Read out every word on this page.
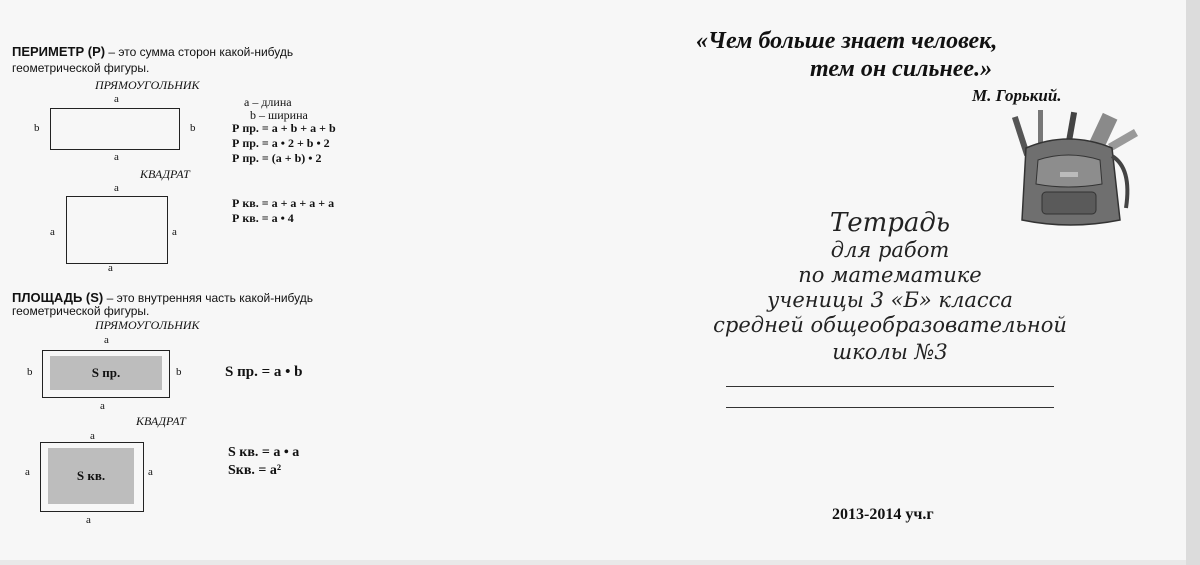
ПЕРИМЕТР (Р) – это сумма сторон какой-нибудь
геометрической фигуры.
ПРЯМОУГОЛЬНИК
а
b	b
а
а – длина
b – ширина
Р пр. = а + b + а + b
Р пр. = а • 2 + b • 2
Р пр. = (а + b) • 2
КВАДРАТ
а
а	а
а
Р кв. = а + а + а + а
Р кв. = а • 4
ПЛОЩАДЬ (S) – это внутренняя часть какой-нибудь
геометрической фигуры.
ПРЯМОУГОЛЬНИК
а
S пр.
b	b
а
S пр. = а • b
КВАДРАТ
а
S кв.
а	а
а
S кв. = а • а
Sкв. = а²
«Чем больше знает человек,
тем он сильнее.»
М. Горький.
Тетрадь
для работ
по математике
ученицы 3 «Б» класса
средней общеобразовательной
школы №3
2013-2014 уч.г
